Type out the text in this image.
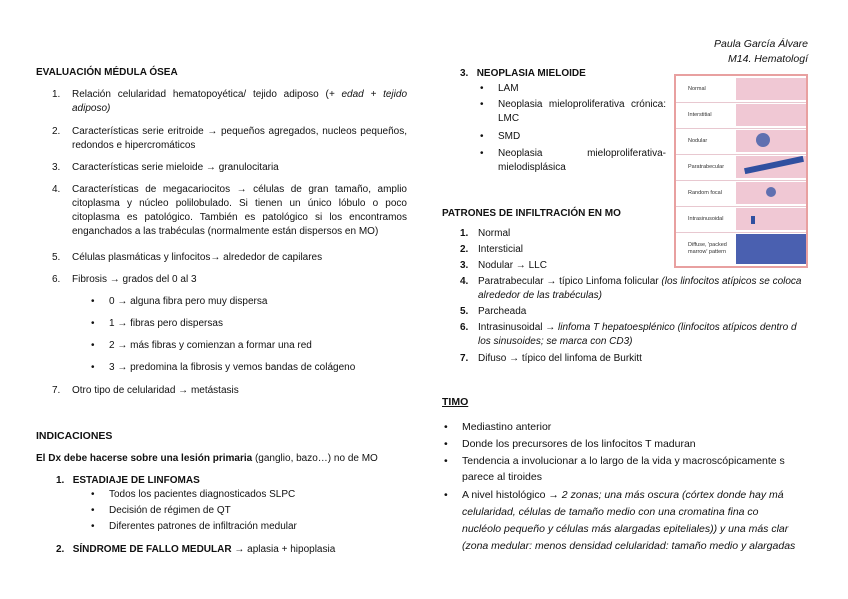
Paula García Álvare
M14. Hematologí
EVALUACIÓN MÉDULA ÓSEA
1.	Relación celularidad hematopoyética/ tejido adiposo (+ edad + tejido adiposo)
2.	Características serie eritroide → pequeños agregados, nucleos pequeños, redondos e hipercromáticos
3.	Características serie mieloide → granulocitaria
4.	Características de megacariocitos → células de gran tamaño, amplio citoplasma y núcleo polilobulado. Si tienen un único lóbulo o poco citoplasma es patológico. También es patológico si los encontramos enganchados a las trabéculas (normalmente están dispersos en MO)
5.	Células plasmáticas y linfocitos→ alrededor de capilares
6.	Fibrosis → grados del 0 al 3
• 0 → alguna fibra pero muy dispersa
• 1 → fibras pero dispersas
• 2 → más fibras y comienzan a formar una red
• 3 → predomina la fibrosis y vemos bandas de colágeno
7.	Otro tipo de celularidad → metástasis
INDICACIONES
El Dx debe hacerse sobre una lesión primaria (ganglio, bazo…) no de MO
1. ESTADIAJE DE LINFOMAS
• Todos los pacientes diagnosticados SLPC
• Decisión de régimen de QT
• Diferentes patrones de infiltración medular
2. SÍNDROME DE FALLO MEDULAR → aplasia + hipoplasia
3. NEOPLASIA MIELOIDE
• LAM
• Neoplasia mieloproliferativa crónica: LMC
• SMD
• Neoplasia mieloproliferativa-mielodisplásica
Normal
Interstitial
Nodular
Paratrabecular
Random focal
Intrasinusoidal
Diffuse, 'packed marrow' pattern
PATRONES DE INFILTRACIÓN EN MO
1. Normal
2. Intersticial
3. Nodular → LLC
4. Paratrabecular → típico Linfoma folicular (los linfocitos atípicos se coloca
alrededor de las trabéculas)
5. Parcheada
6. Intrasinusoidal → linfoma T hepatoesplénico (linfocitos atípicos dentro d
los sinusoides; se marca con CD3)
7. Difuso → típico del linfoma de Burkitt
TIMO
• Mediastino anterior
• Donde los precursores de los linfocitos T maduran
• Tendencia a involucionar a lo largo de la vida y macroscópicamente s
parece al tiroides
• A nivel histológico → 2 zonas; una más oscura (córtex donde hay má
celularidad, células de tamaño medio con una cromatina fina co
nucléolo pequeño y células más alargadas epiteliales)) y una más clar
(zona medular: menos densidad celularidad: tamaño medio y alargadas
